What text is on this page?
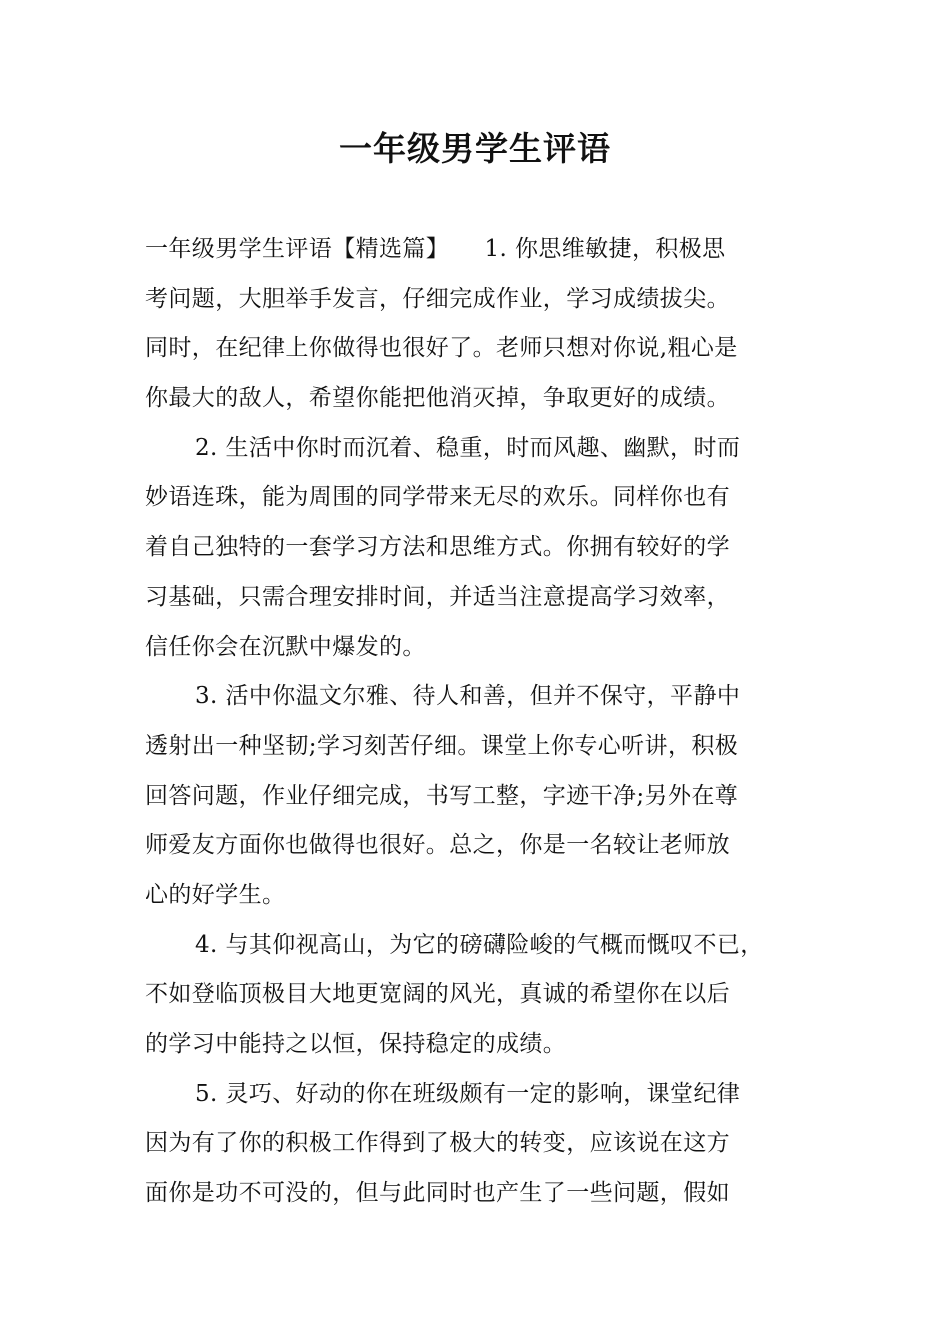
一年级男学生评语
一年级男学生评语【精选篇】　　1. 你思维敏捷，积极思
考问题，大胆举手发言，仔细完成作业，学习成绩拔尖。
同时，在纪律上你做得也很好了。老师只想对你说,粗心是
你最大的敌人，希望你能把他消灭掉，争取更好的成绩。
2. 生活中你时而沉着、稳重，时而风趣、幽默，时而
妙语连珠，能为周围的同学带来无尽的欢乐。同样你也有
着自己独特的一套学习方法和思维方式。你拥有较好的学
习基础，只需合理安排时间，并适当注意提高学习效率，
信任你会在沉默中爆发的。
3. 活中你温文尔雅、待人和善，但并不保守，平静中
透射出一种坚韧;学习刻苦仔细。课堂上你专心听讲，积极
回答问题，作业仔细完成，书写工整，字迹干净;另外在尊
师爱友方面你也做得也很好。总之，你是一名较让老师放
心的好学生。
4. 与其仰视高山，为它的磅礴险峻的气概而慨叹不已，
不如登临顶极目大地更宽阔的风光，真诚的希望你在以后
的学习中能持之以恒，保持稳定的成绩。
5. 灵巧、好动的你在班级颇有一定的影响，课堂纪律
因为有了你的积极工作得到了极大的转变，应该说在这方
面你是功不可没的，但与此同时也产生了一些问题，假如
